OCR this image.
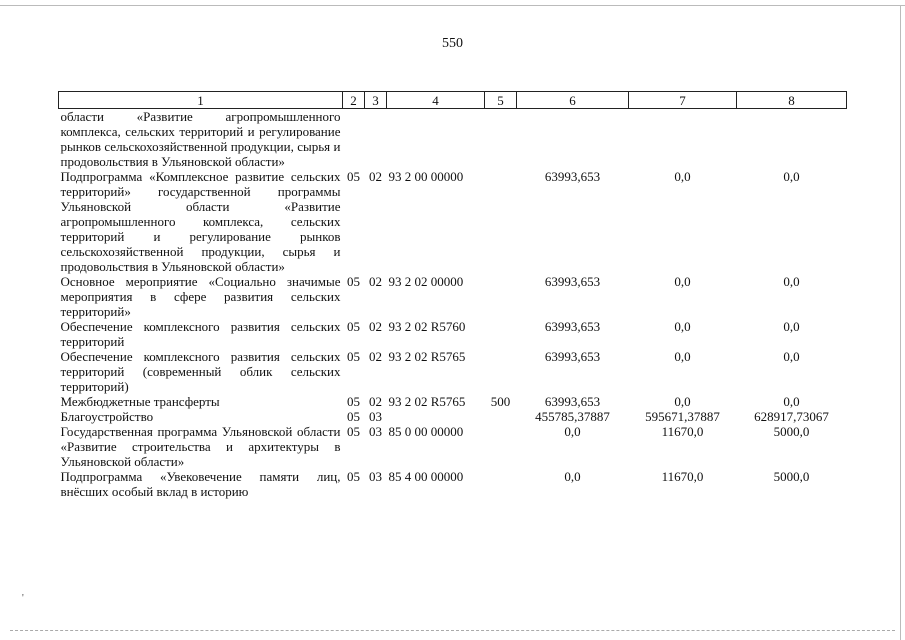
550
1	2	3	4	5	6	7	8
области «Развитие агропромышленного комплекса, сельских территорий и регулирование рынков сельскохозяйственной продукции, сырья и продовольствия в Ульяновской области»							
Подпрограмма «Комплексное развитие сельских территорий» государственной программы Ульяновской области «Развитие агропромышленного комплекса, сельских территорий и регулирование рынков сельскохозяйственной продукции, сырья и продовольствия в Ульяновской области»	05	02	93 2 00 00000		63993,653	0,0	0,0
Основное мероприятие «Социально значимые мероприятия в сфере развития сельских территорий»	05	02	93 2 02 00000		63993,653	0,0	0,0
Обеспечение комплексного развития сельских территорий	05	02	93 2 02 R5760		63993,653	0,0	0,0
Обеспечение комплексного развития сельских территорий (современный облик сельских территорий)	05	02	93 2 02 R5765		63993,653	0,0	0,0
Межбюджетные трансферты	05	02	93 2 02 R5765	500	63993,653	0,0	0,0
Благоустройство	05	03			455785,37887	595671,37887	628917,73067
Государственная программа Ульяновской области «Развитие строительства и архитектуры в Ульяновской области»	05	03	85 0 00 00000		0,0	11670,0	5000,0
Подпрограмма «Увековечение памяти лиц, внёсших особый вклад в историю	05	03	85 4 00 00000		0,0	11670,0	5000,0
'
